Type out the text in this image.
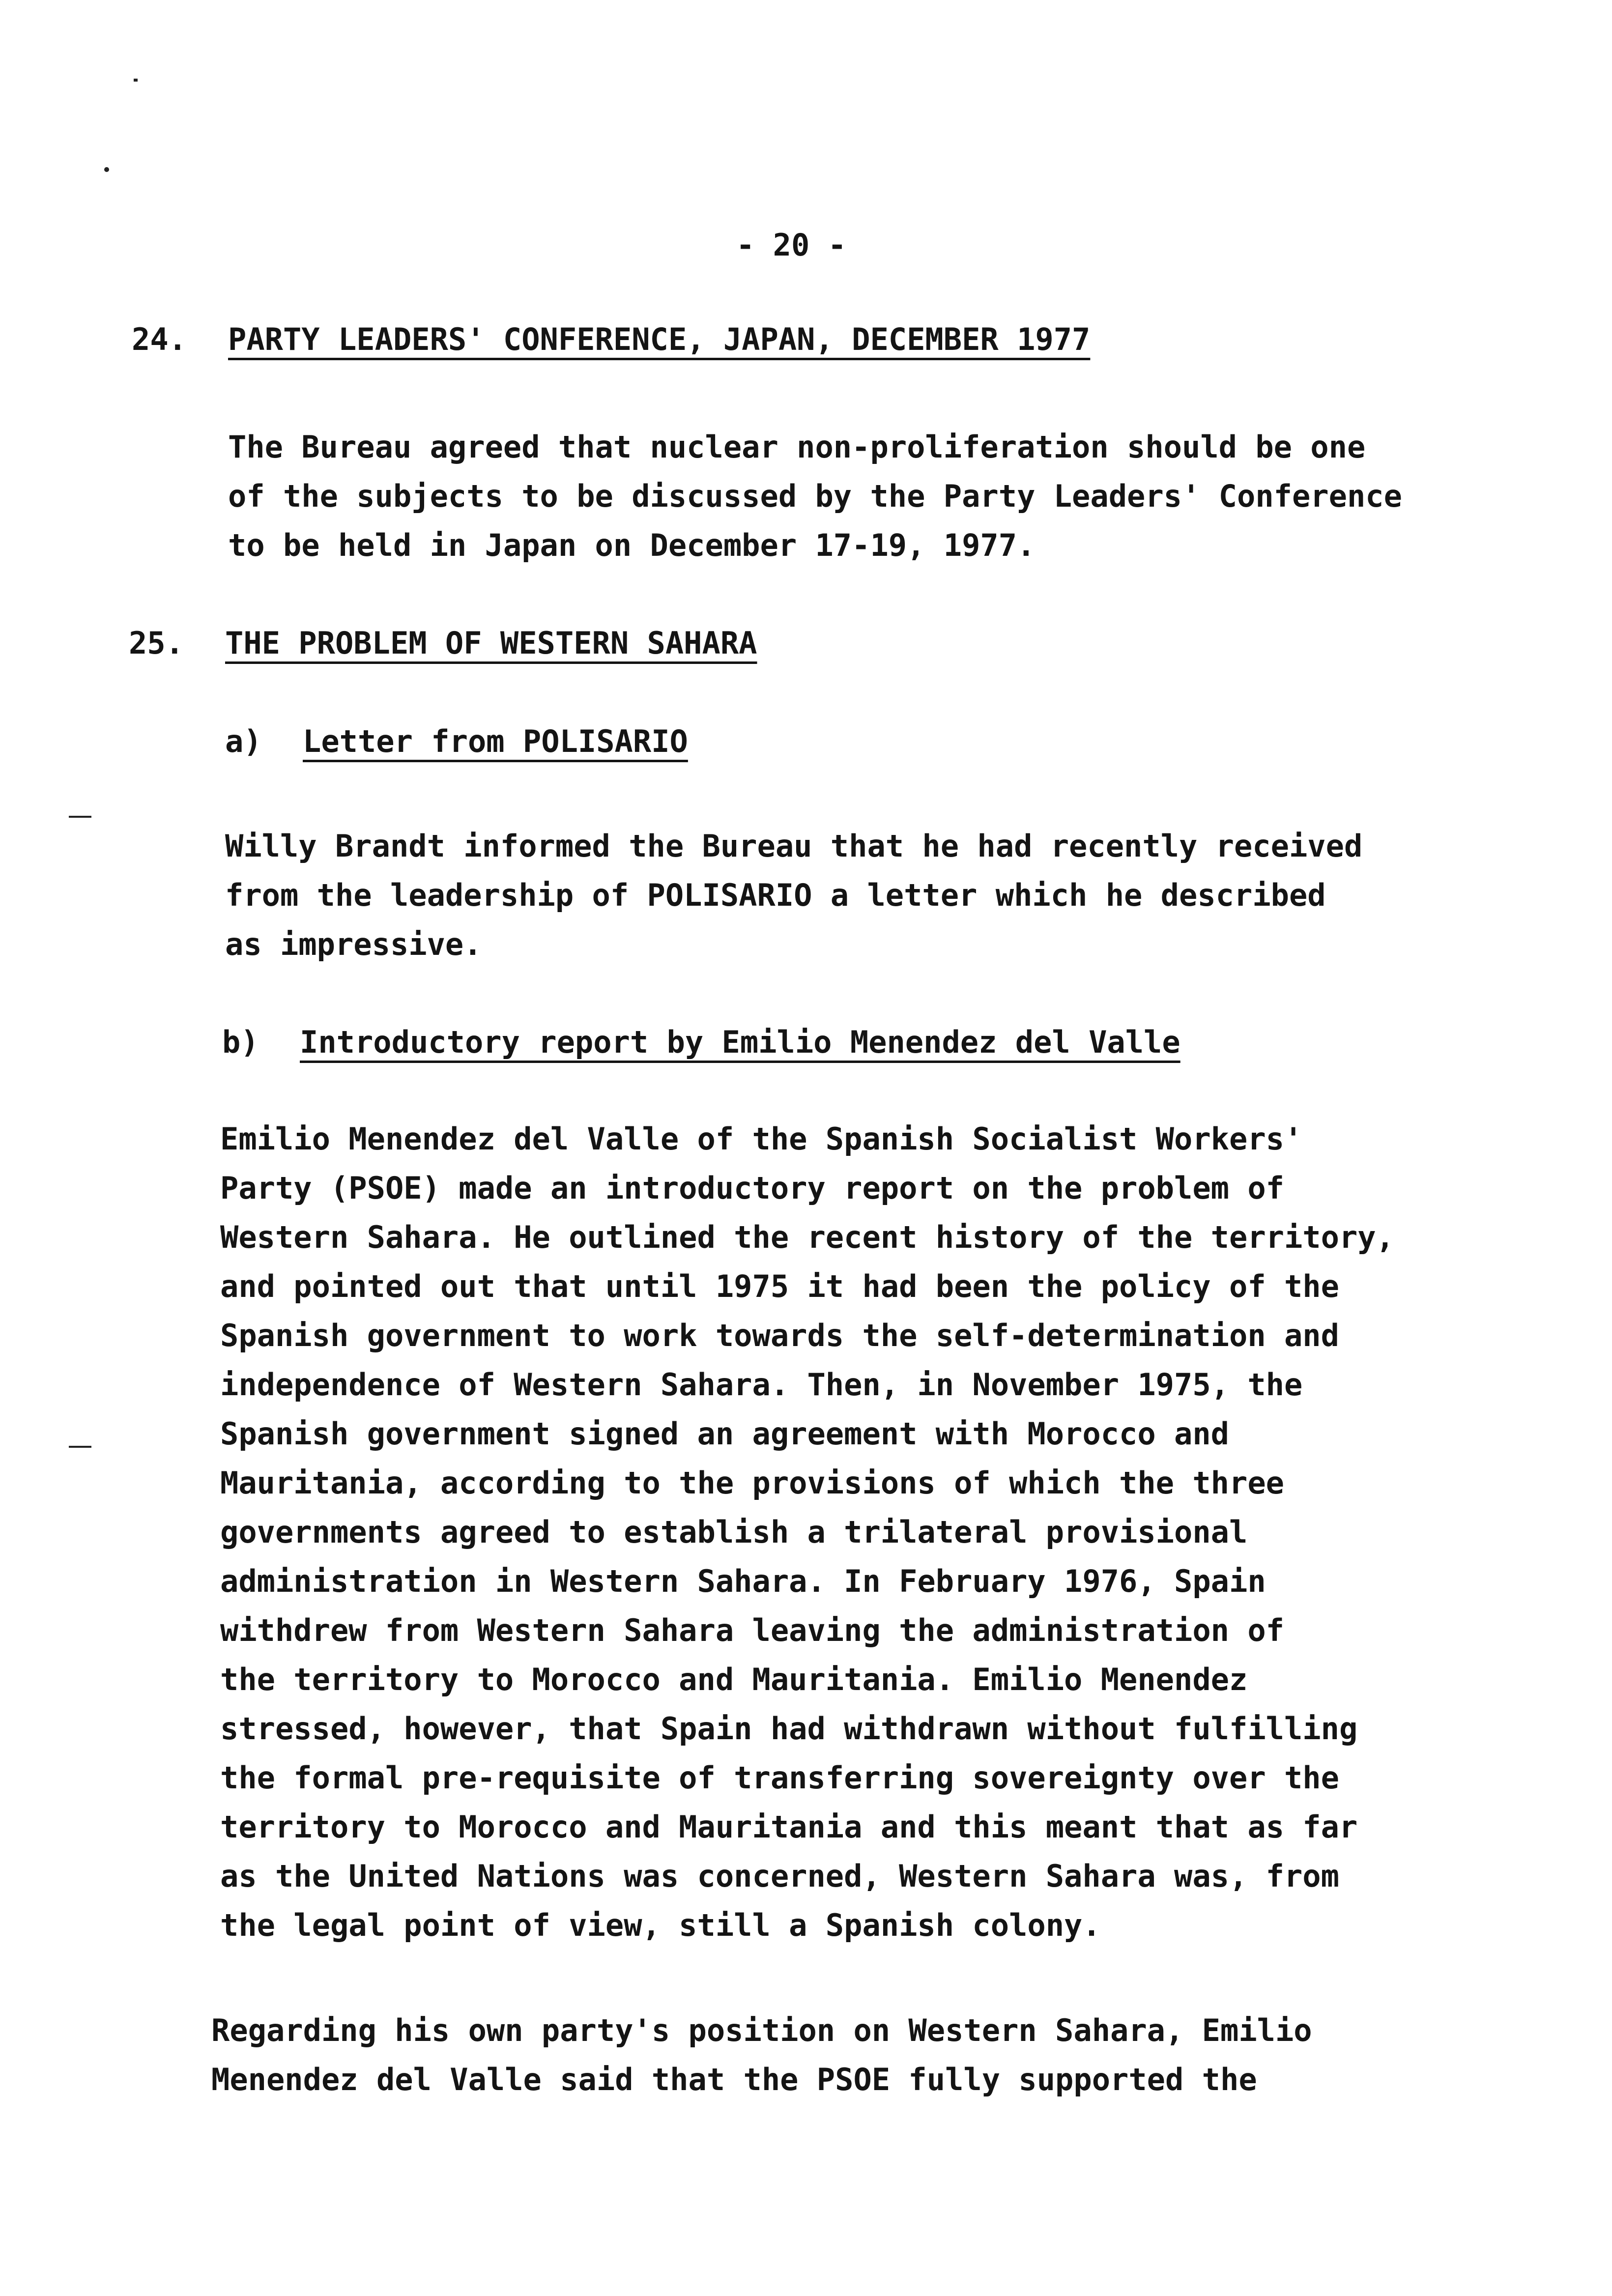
- 20 -
24. PARTY LEADERS' CONFERENCE, JAPAN, DECEMBER 1977
The Bureau agreed that nuclear non-proliferation should be one
of the subjects to be discussed by the Party Leaders' Conference
to be held in Japan on December 17-19, 1977.
25. THE PROBLEM OF WESTERN SAHARA
a) Letter from POLISARIO
Willy Brandt informed the Bureau that he had recently received
from the leadership of POLISARIO a letter which he described
as impressive.
b) Introductory report by Emilio Menendez del Valle
Emilio Menendez del Valle of the Spanish Socialist Workers'
Party (PSOE) made an introductory report on the problem of
Western Sahara. He outlined the recent history of the territory,
and pointed out that until 1975 it had been the policy of the
Spanish government to work towards the self-determination and
independence of Western Sahara. Then, in November 1975, the
Spanish government signed an agreement with Morocco and
Mauritania, according to the provisions of which the three
governments agreed to establish a trilateral provisional
administration in Western Sahara. In February 1976, Spain
withdrew from Western Sahara leaving the administration of
the territory to Morocco and Mauritania. Emilio Menendez
stressed, however, that Spain had withdrawn without fulfilling
the formal pre-requisite of transferring sovereignty over the
territory to Morocco and Mauritania and this meant that as far
as the United Nations was concerned, Western Sahara was, from
the legal point of view, still a Spanish colony.
Regarding his own party's position on Western Sahara, Emilio
Menendez del Valle said that the PSOE fully supported the
